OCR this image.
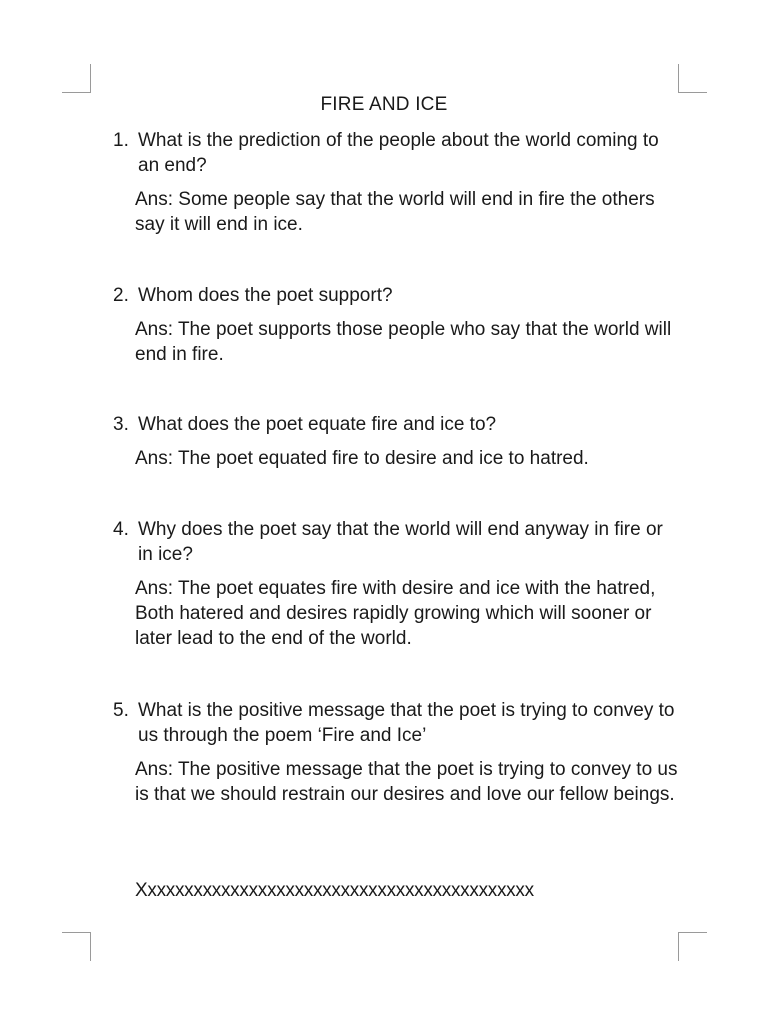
FIRE AND ICE
1. What is the prediction of the people about the world coming to an end?
Ans: Some people say that the world will end in fire the others say it will end in ice.
2. Whom does the poet support?
Ans: The poet supports those people who say that the world will end in fire.
3. What does the poet equate fire and ice to?
Ans: The poet equated fire to desire and ice to hatred.
4. Why does the poet say that the world will end anyway in fire or in ice?
Ans: The poet equates fire with desire and ice with the hatred, Both hatered and desires rapidly growing which will sooner or later lead to the end of the world.
5. What is the positive message that the poet is trying to convey to us through the poem ‘Fire and Ice’
Ans: The positive message that the poet is trying to convey to us is that we should restrain our desires and love our fellow beings.
Xxxxxxxxxxxxxxxxxxxxxxxxxxxxxxxxxxxxxxxxxxx
